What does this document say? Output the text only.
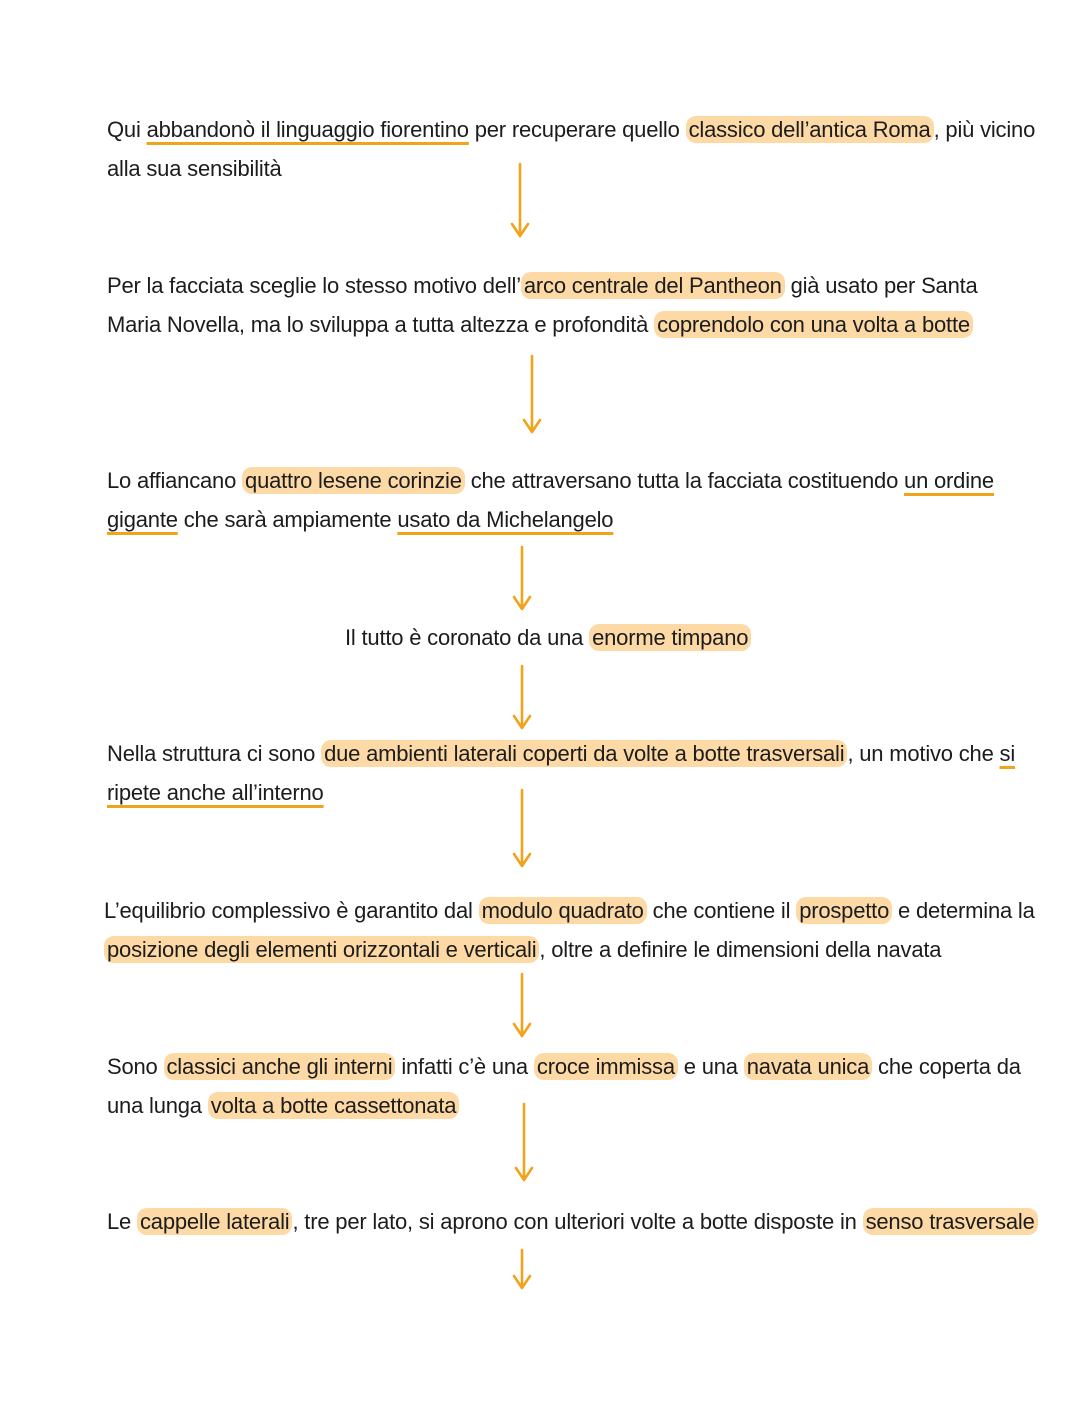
Qui abbandonò il linguaggio fiorentino per recuperare quello classico dell’antica Roma , più vicino
alla sua sensibilità
Per la facciata sceglie lo stesso motivo dell’ arco centrale del Pantheon già usato per Santa
Maria Novella, ma lo sviluppa a tutta altezza e profondità coprendolo con una volta a botte
Lo affiancano quattro lesene corinzie che attraversano tutta la facciata costituendo un ordine
gigante che sarà ampiamente usato da Michelangelo
Il tutto è coronato da una enorme timpano
Nella struttura ci sono due ambienti laterali coperti da volte a botte trasversali , un motivo che si
ripete anche all’interno
L’equilibrio complessivo è garantito dal modulo quadrato che contiene il prospetto e determina la
posizione degli elementi orizzontali e verticali , oltre a definire le dimensioni della navata
Sono classici anche gli interni infatti c’è una croce immissa e una navata unica che coperta da
una lunga volta a botte cassettonata
Le cappelle laterali , tre per lato, si aprono con ulteriori volte a botte disposte in senso trasversale
